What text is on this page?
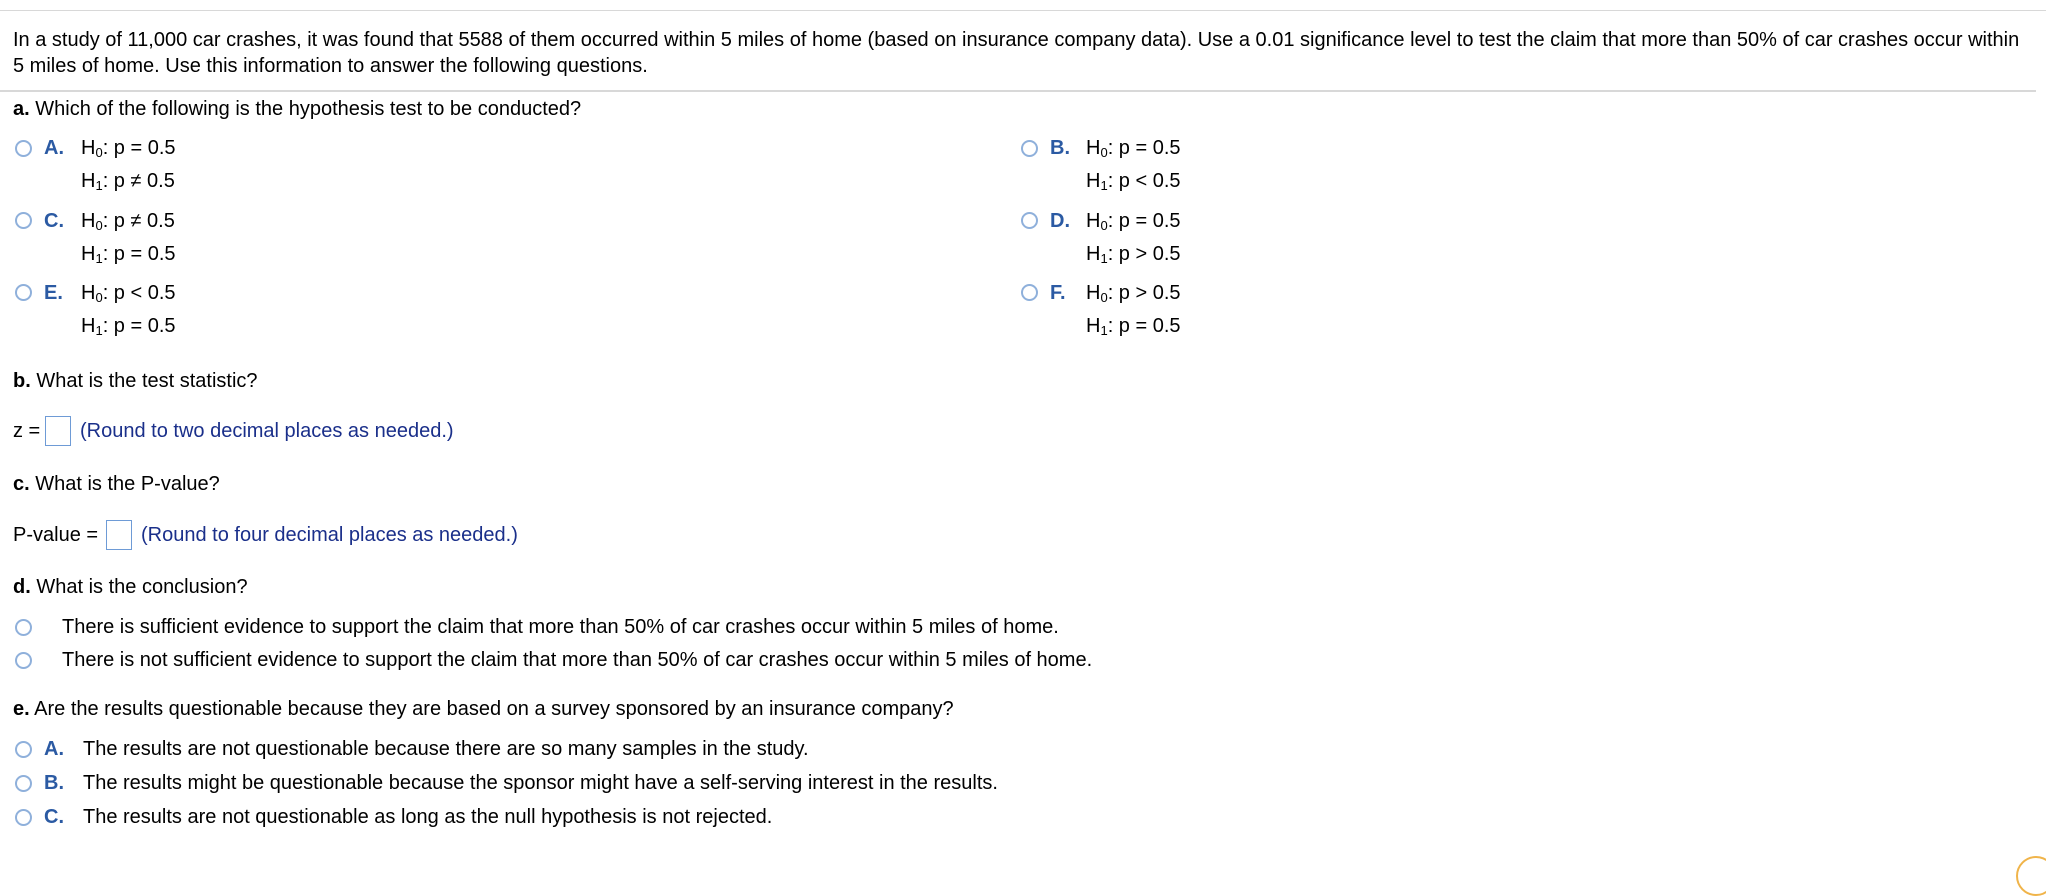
In a study of 11,000 car crashes, it was found that 5588 of them occurred within 5 miles of home (based on insurance company data). Use a 0.01 significance level to test the claim that more than 50% of car crashes occur within 5 miles of home. Use this information to answer the following questions.
a. Which of the following is the hypothesis test to be conducted?
A. $H_0$: p = 0.5
$H_1$: p ≠ 0.5
B. $H_0$: p = 0.5
$H_1$: p < 0.5
C. $H_0$: p ≠ 0.5
$H_1$: p = 0.5
D. $H_0$: p = 0.5
$H_1$: p > 0.5
E. $H_0$: p < 0.5
$H_1$: p = 0.5
F. $H_0$: p > 0.5
$H_1$: p = 0.5
b. What is the test statistic?
z = (Round to two decimal places as needed.)
c. What is the P-value?
P-value = (Round to four decimal places as needed.)
d. What is the conclusion?
There is sufficient evidence to support the claim that more than 50% of car crashes occur within 5 miles of home.
There is not sufficient evidence to support the claim that more than 50% of car crashes occur within 5 miles of home.
e. Are the results questionable because they are based on a survey sponsored by an insurance company?
A. The results are not questionable because there are so many samples in the study.
B. The results might be questionable because the sponsor might have a self-serving interest in the results.
C. The results are not questionable as long as the null hypothesis is not rejected.
